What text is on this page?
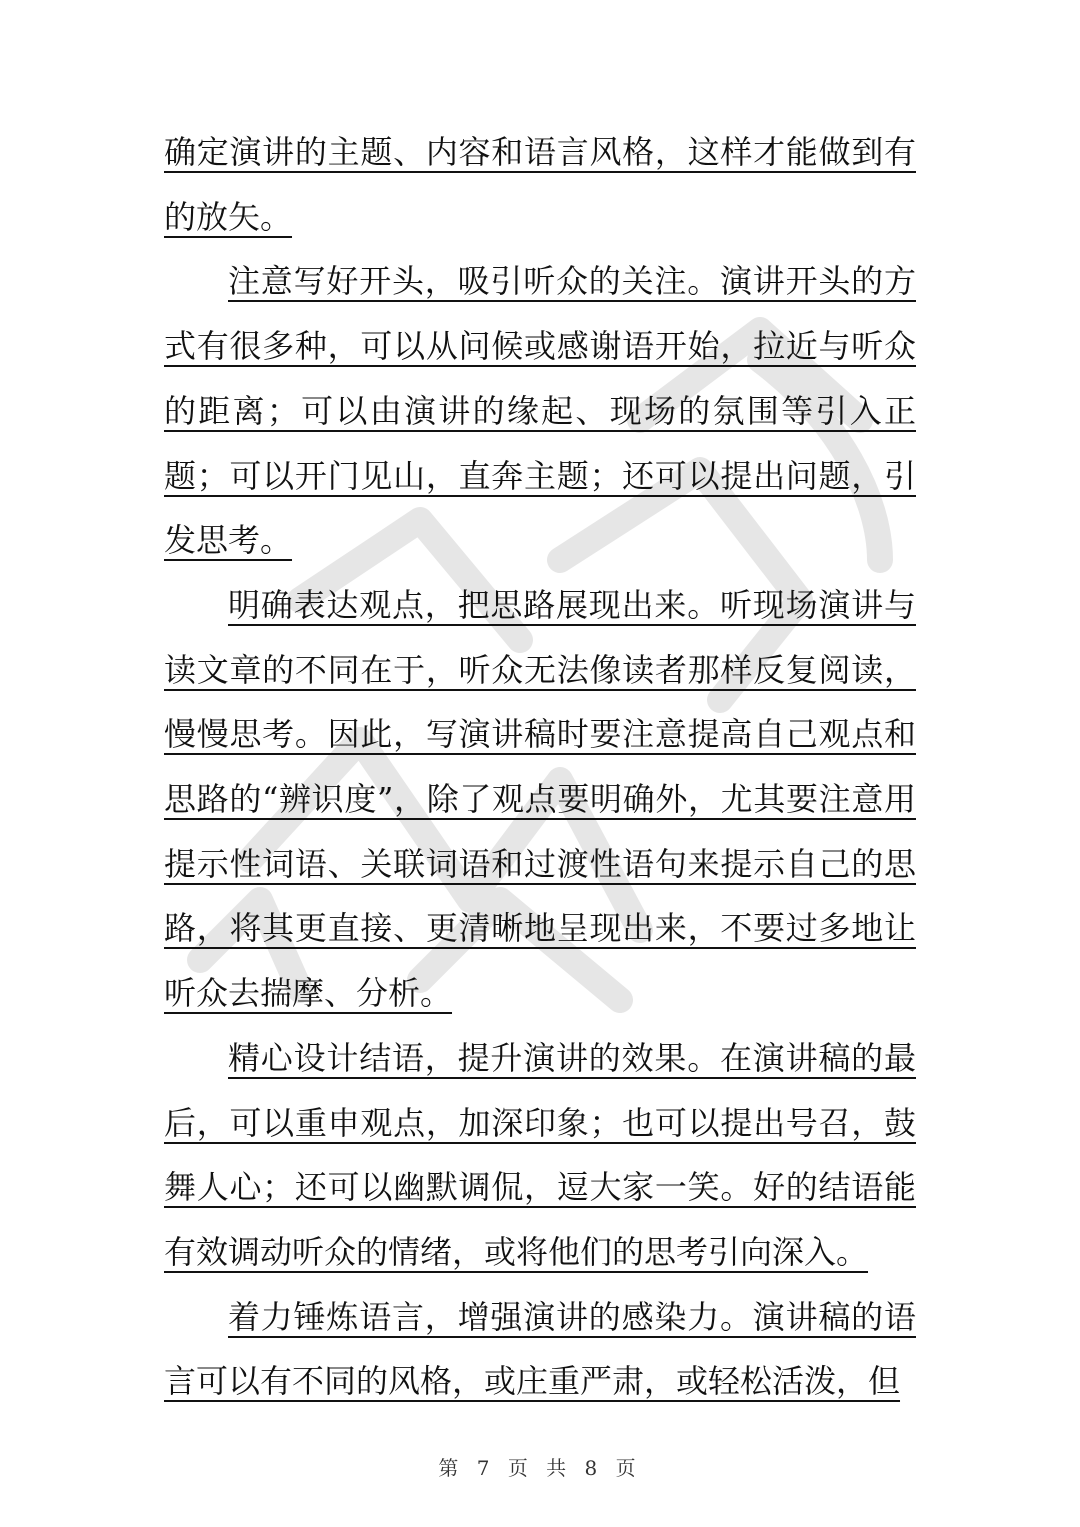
确定演讲的主题、内容和语言风格，这样才能做到有的放矢。

注意写好开头，吸引听众的关注。演讲开头的方式有很多种，可以从问候或感谢语开始，拉近与听众的距离；可以由演讲的缘起、现场的氛围等引入正题；可以开门见山，直奔主题；还可以提出问题，引发思考。

明确表达观点，把思路展现出来。听现场演讲与读文章的不同在于，听众无法像读者那样反复阅读，慢慢思考。因此，写演讲稿时要注意提高自己观点和思路的“辨识度”，除了观点要明确外，尤其要注意用提示性词语、关联词语和过渡性语句来提示自己的思路，将其更直接、更清晰地呈现出来，不要过多地让听众去揣摩、分析。

精心设计结语，提升演讲的效果。在演讲稿的最后，可以重申观点，加深印象；也可以提出号召，鼓舞人心；还可以幽默调侃，逗大家一笑。好的结语能有效调动听众的情绪，或将他们的思考引向深入。

着力锤炼语言，增强演讲的感染力。演讲稿的语言可以有不同的风格，或庄重严肃，或轻松活泼，但

第 7 页 共 8 页
